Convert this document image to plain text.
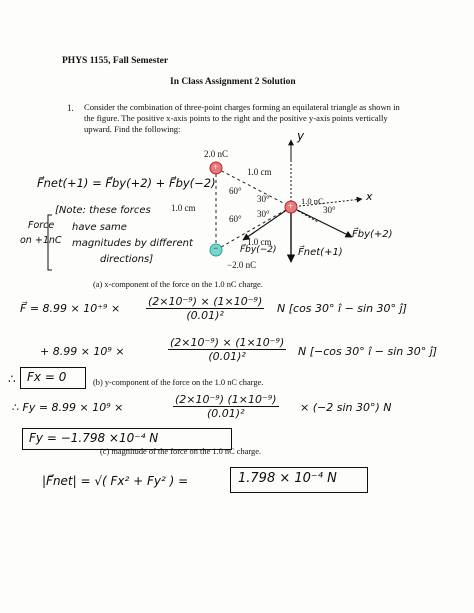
PHYS 1155, Fall Semester
In Class Assignment 2 Solution
1. Consider the combination of three-point charges forming an equilateral triangle as shown in
the figure. The positive x-axis points to the right and the positive y-axis points vertically
upward. Find the following:
2.0 nC
+
−
+
−2.0 nC
1.0 nC
1.0 cm
1.0 cm
1.0 cm
60°
60°
30°
30°	30°
x
y
F⃗net(+1) = F⃗by(+2) + F⃗by(−2)
[Note: these forces
have same
magnitudes by different
directions]
Force
on +1nC
F⃗by(+2)
F⃗by(−2) F⃗net(+1)
(a) x-component of the force on the 1.0 nC charge.
F⃗ = $8.99 \times 10^{+9} \times \frac{\text{(2×10⁻⁹) × (1×10⁻⁹)}}{\text{(0.01)²}}$ N [cos 30° î − sin 30° ĵ]
+ 8.99 × 10⁹ ×	$\frac{\text{(2×10⁻⁹) × (1×10⁻⁹)}}{\text{(0.01)²}}$ N [−cos 30° î − sin 30° ĵ]
∴ Fx = 0	(b) y-component of the force on the 1.0 nC charge.
∴ Fy = 8.99 × 10⁹ ×	$\frac{\text{(2×10⁻⁹) (1×10⁻⁹)}}{\text{(0.01)²}} \times (-2$ sin 30°) N
Fy = −1.798 ×10⁻⁴ N
(c) magnitude of the force on the 1.0 nC charge.
|F⃗net| = √( Fx² + Fy² ) =	1.798 × 10⁻⁴ N
